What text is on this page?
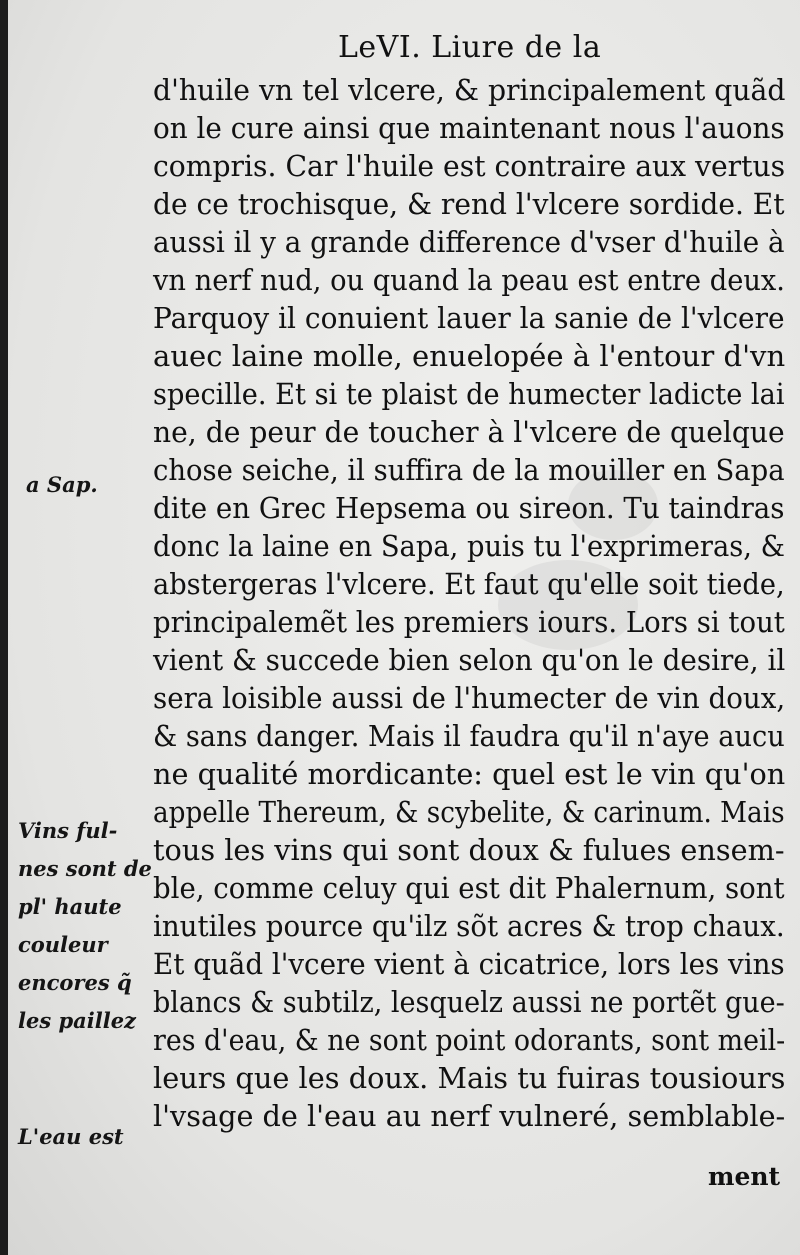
LeVI. Liure de la
d'huile vn tel vlcere, & principalement quãd
on le cure ainsi que maintenant nous l'auons
compris. Car l'huile est contraire aux vertus
de ce trochisque, & rend l'vlcere sordide. Et
aussi il y a grande difference d'vser d'huile à
vn nerf nud, ou quand la peau est entre deux.
Parquoy il conuient lauer la sanie de l'vlcere
auec laine molle, enuelopée à l'entour d'vn
specille. Et si te plaist de humecter ladicte lai
ne, de peur de toucher à l'vlcere de quelque
chose seiche, il suffira de la mouiller en Sapa
dite en Grec Hepsema ou sireon. Tu taindras
donc la laine en Sapa, puis tu l'exprimeras, &
abstergeras l'vlcere. Et faut qu'elle soit tiede,
principalemẽt les premiers iours. Lors si tout
vient & succede bien selon qu'on le desire, il
sera loisible aussi de l'humecter de vin doux,
& sans danger. Mais il faudra qu'il n'aye aucu
ne qualité mordicante: quel est le vin qu'on
appelle Thereum, & scybelite, & carinum. Mais
tous les vins qui sont doux & fulues ensem-
ble, comme celuy qui est dit Phalernum, sont
inutiles pource qu'ilz sõt acres & trop chaux.
Et quãd l'vcere vient à cicatrice, lors les vins
blancs & subtilz, lesquelz aussi ne portẽt gue-
res d'eau, & ne sont point odorants, sont meil-
leurs que les doux. Mais tu fuiras tousiours
l'vsage de l'eau au nerf vulneré, semblable-
ment
a Sap.
Vins ful-
nes sont de
pl' haute
couleur
encores q̃
les paillez
L'eau est
